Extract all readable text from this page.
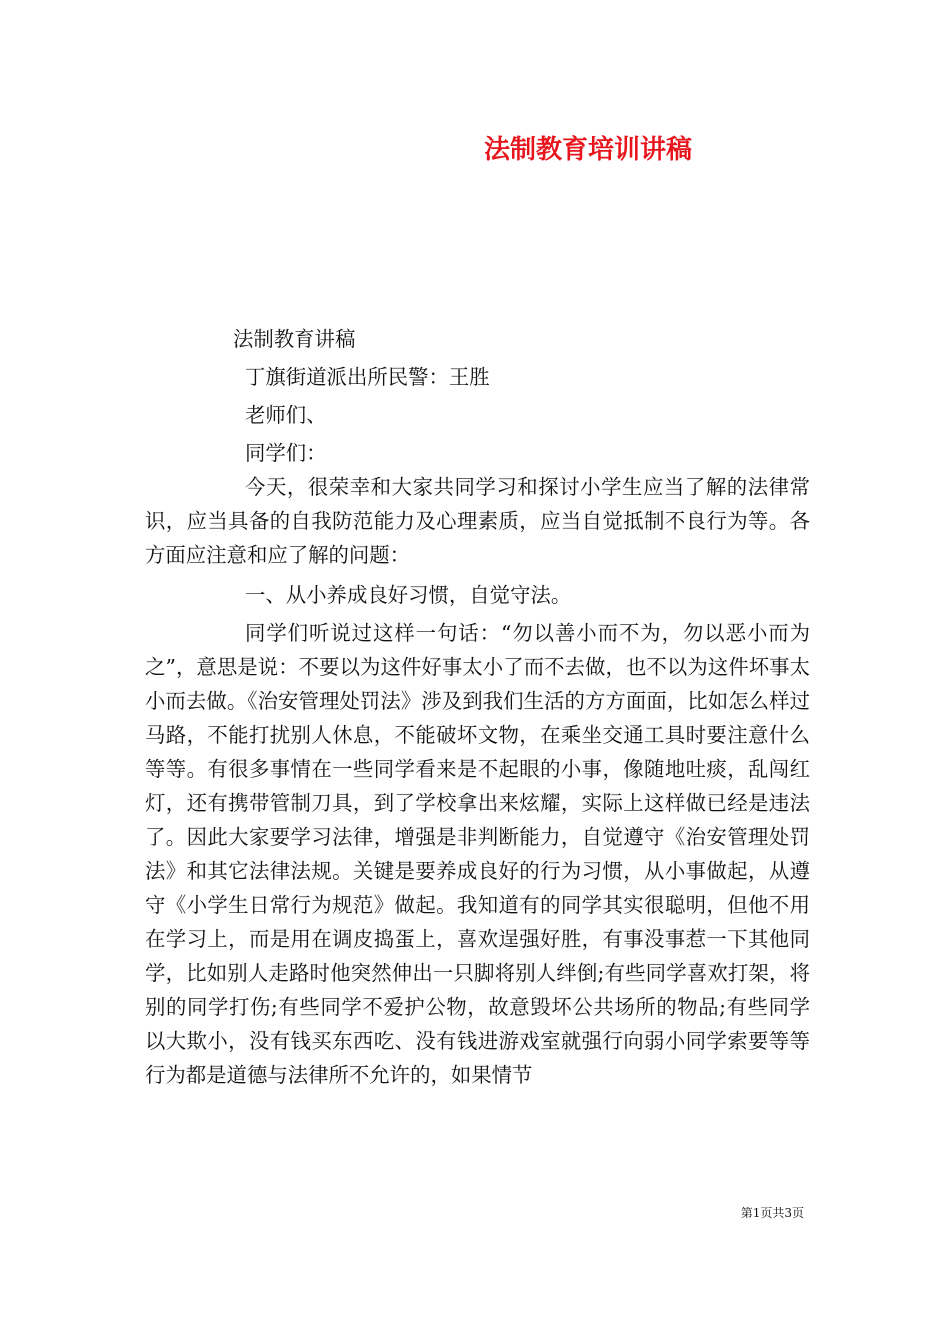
法制教育培训讲稿
法制教育讲稿
丁旗街道派出所民警：王胜
老师们、
同学们：

今天，很荣幸和大家共同学习和探讨小学生应当了解的法律常识，应当具备的自我防范能力及心理素质，应当自觉抵制不良行为等。各方面应注意和应了解的问题：

一、从小养成良好习惯，自觉守法。

同学们听说过这样一句话：“勿以善小而不为，勿以恶小而为之”，意思是说：不要以为这件好事太小了而不去做，也不以为这件坏事太小而去做。《治安管理处罚法》涉及到我们生活的方方面面，比如怎么样过马路，不能打扰别人休息，不能破坏文物，在乘坐交通工具时要注意什么等等。有很多事情在一些同学看来是不起眼的小事，像随地吐痰，乱闯红灯，还有携带管制刀具，到了学校拿出来炫耀，实际上这样做已经是违法了。因此大家要学习法律，增强是非判断能力，自觉遵守《治安管理处罚法》和其它法律法规。关键是要养成良好的行为习惯，从小事做起，从遵守《小学生日常行为规范》做起。我知道有的同学其实很聪明，但他不用在学习上，而是用在调皮捣蛋上，喜欢逞强好胜，有事没事惹一下其他同学，比如别人走路时他突然伸出一只脚将别人绊倒;有些同学喜欢打架，将别的同学打伤;有些同学不爱护公物，故意毁坏公共场所的物品;有些同学以大欺小，没有钱买东西吃、没有钱进游戏室就强行向弱小同学索要等等行为都是道德与法律所不允许的，如果情节

第1页共3页
